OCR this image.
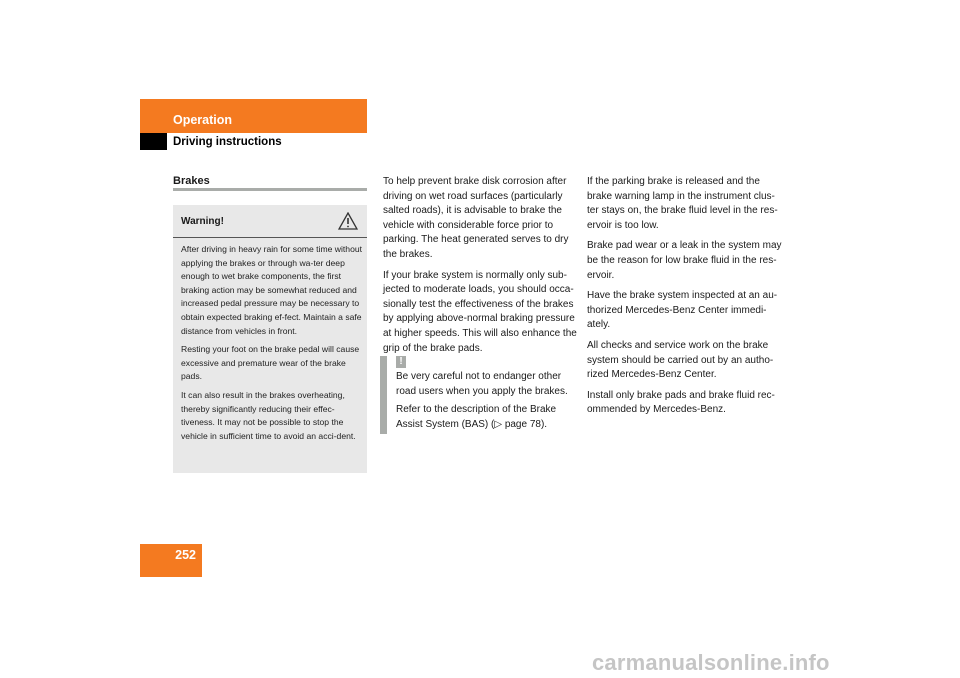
Operation
Driving instructions
Brakes
Warning!

After driving in heavy rain for some time without applying the brakes or through wa-ter deep enough to wet brake components, the first braking action may be somewhat reduced and increased pedal pressure may be necessary to obtain expected braking ef-fect. Maintain a safe distance from vehicles in front.

Resting your foot on the brake pedal will cause excessive and premature wear of the brake pads.

It can also result in the brakes overheating, thereby significantly reducing their effec-tiveness. It may not be possible to stop the vehicle in sufficient time to avoid an acci-dent.

To help prevent brake disk corrosion after driving on wet road surfaces (particularly salted roads), it is advisable to brake the vehicle with considerable force prior to parking. The heat generated serves to dry the brakes.

If your brake system is normally only sub-jected to moderate loads, you should occa-sionally test the effectiveness of the brakes by applying above-normal braking pressure at higher speeds. This will also enhance the grip of the brake pads.

!

Be very careful not to endanger other road users when you apply the brakes.

Refer to the description of the Brake Assist System (BAS) (▷ page 78).

If the parking brake is released and the brake warning lamp in the instrument clus-ter stays on, the brake fluid level in the res-ervoir is too low.

Brake pad wear or a leak in the system may be the reason for low brake fluid in the res-ervoir.

Have the brake system inspected at an au-thorized Mercedes-Benz Center immedi-ately.

All checks and service work on the brake system should be carried out by an autho-rized Mercedes-Benz Center.

Install only brake pads and brake fluid rec-ommended by Mercedes-Benz.

252
carmanualsonline.info
